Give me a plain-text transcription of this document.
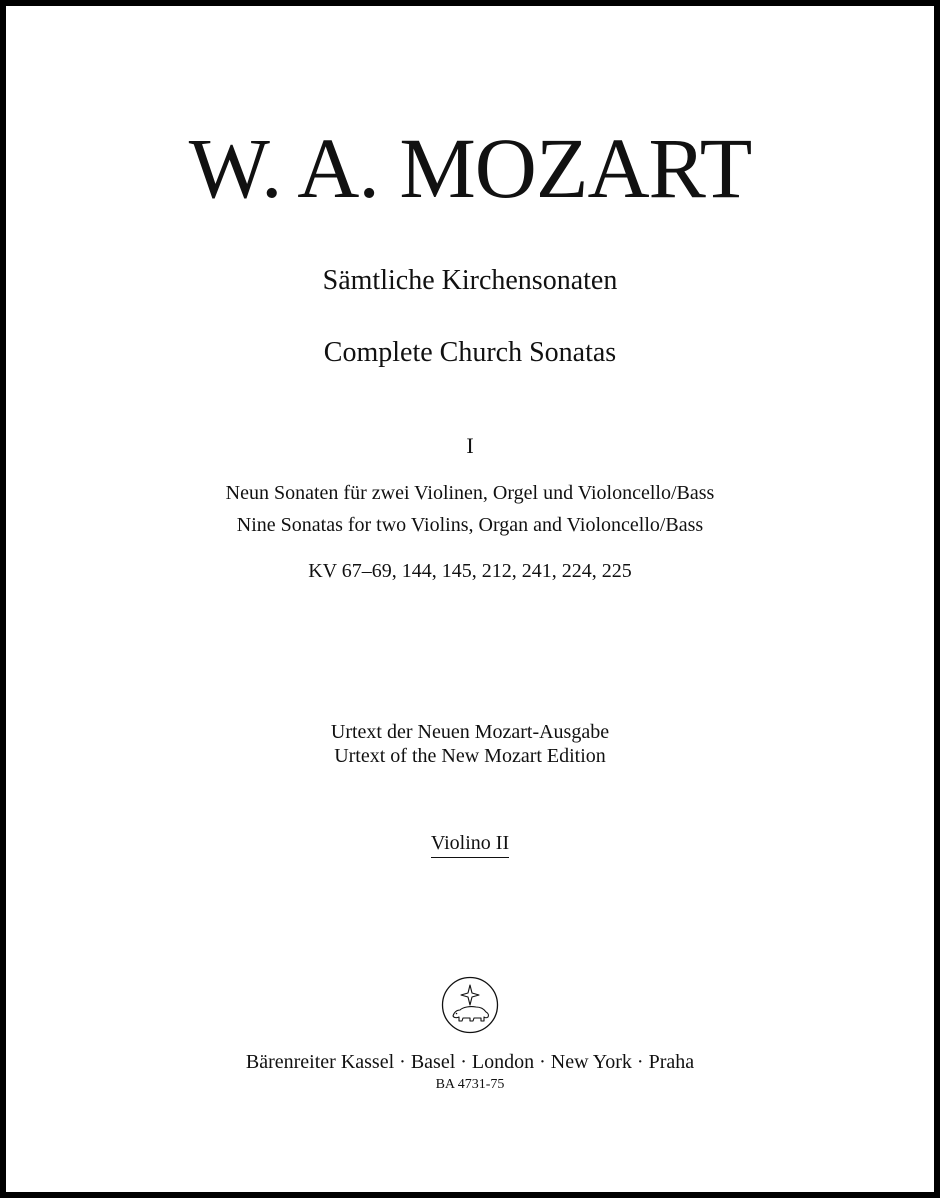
W. A. MOZART
Sämtliche Kirchensonaten
Complete Church Sonatas
I
Neun Sonaten für zwei Violinen, Orgel und Violoncello/Bass
Nine Sonatas for two Violins, Organ and Violoncello/Bass
KV 67–69, 144, 145, 212, 241, 224, 225
Urtext der Neuen Mozart-Ausgabe
Urtext of the New Mozart Edition
Violino II
Bärenreiter Kassel · Basel · London · New York · Praha
BA 4731-75
